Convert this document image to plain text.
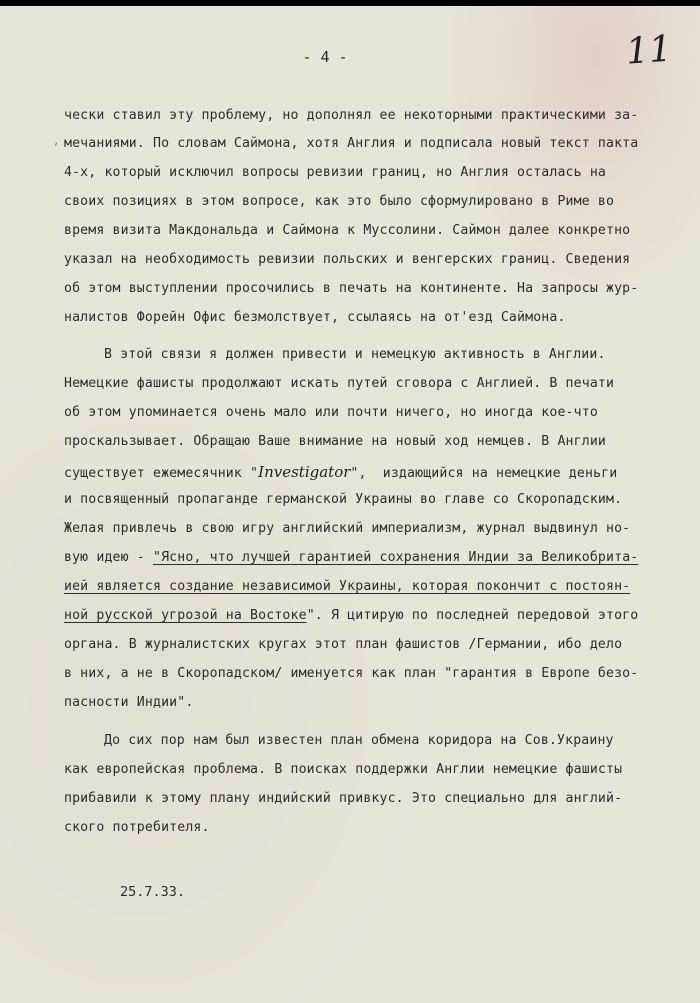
- 4 -	11
´
чески ставил эту проблему, но дополнял ее некоторными практическими за-
мечаниями. По словам Саймона, хотя Англия и подписала новый текст пакта
4-х, который исключил вопросы ревизии границ, но Англия осталась на
своих позициях в этом вопросе, как это было сформулировано в Риме во
время визита Макдональда и Саймона к Муссолини. Саймон далее конкретно
указал на необходимость ревизии польских и венгерских границ. Сведения
об этом выступлении просочились в печать на континенте. На запросы жур-
налистов Форейн Офис безмолствует, ссылаясь на от'езд Саймона.
В этой связи я должен привести и немецкую активность в Англии.
Немецкие фашисты продолжают искать путей сговора с Англией. В печати
об этом упоминается очень мало или почти ничего, но иногда кое-что
проскальзывает. Обращаю Ваше внимание на новый ход немцев. В Англии
существует ежемесячник "Investigator",  издающийся на немецкие деньги
и посвященный пропаганде германской Украины во главе со Скоропадским.
Желая привлечь в свою игру английский империализм, журнал выдвинул но-
вую идею - "Ясно, что лучшей гарантией сохранения Индии за Великобрита-
ией является создание независимой Украины, которая покончит с постоян-
ной русской угрозой на Востоке". Я цитирую по последней передовой этого
органа. В журналистских кругах этот план фашистов /Германии, ибо дело
в них, а не в Скоропадском/ именуется как план "гарантия в Европе безо-
пасности Индии".
До сих пор нам был известен план обмена коридора на Сов.Украину
как европейская проблема. В поисках поддержки Англии немецкие фашисты
прибавили к этому плану индийский привкус. Это специально для англий-
ского потребителя.
25.7.33.
